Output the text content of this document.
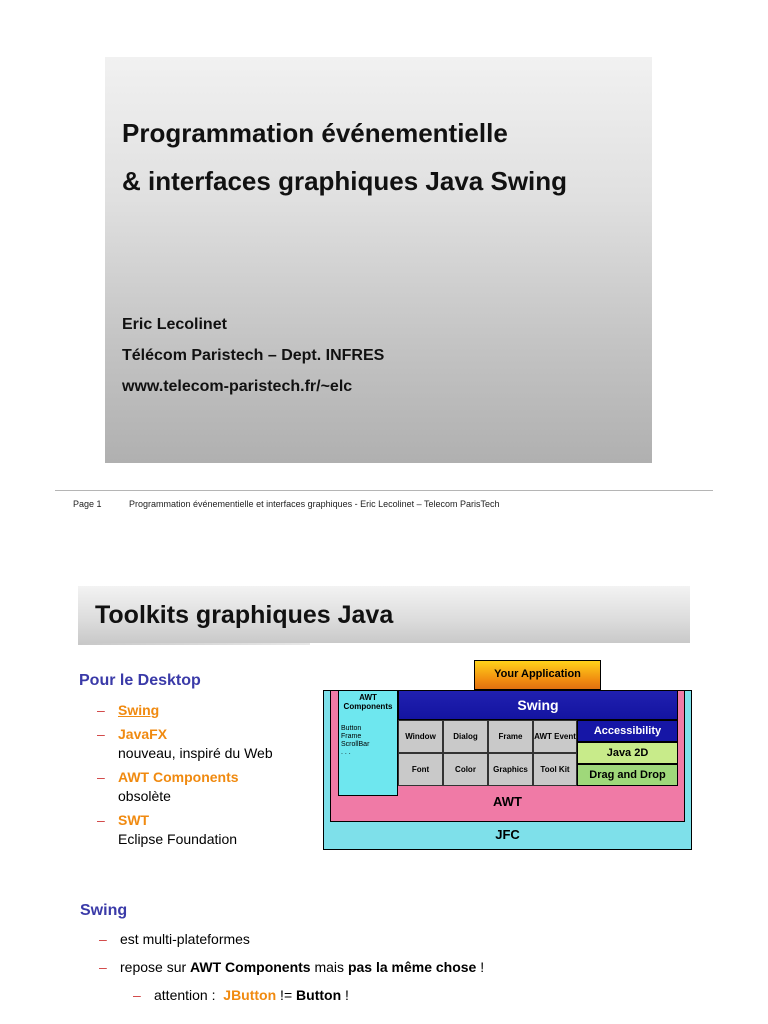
Programmation événementielle
& interfaces graphiques Java Swing
Eric Lecolinet
Télécom Paristech – Dept. INFRES
www.telecom-paristech.fr/~elc
Page 1	Programmation événementielle et interfaces graphiques - Eric Lecolinet – Telecom ParisTech
Toolkits graphiques Java
Pour le Desktop
– Swing
– JavaFX
nouveau, inspiré du Web
– AWT Components
obsolète
– SWT
Eclipse Foundation
Swing
– est multi-plateformes
– repose sur AWT Components mais pas la même chose !
– attention :  JButton != Button !
Your Application
AWT Components
Button
Frame
ScrollBar
. . .
Swing
Window	Dialog	Frame	AWT Event
Font	Color	Graphics	Tool Kit
Accessibility
Java 2D
Drag and Drop
AWT
JFC
